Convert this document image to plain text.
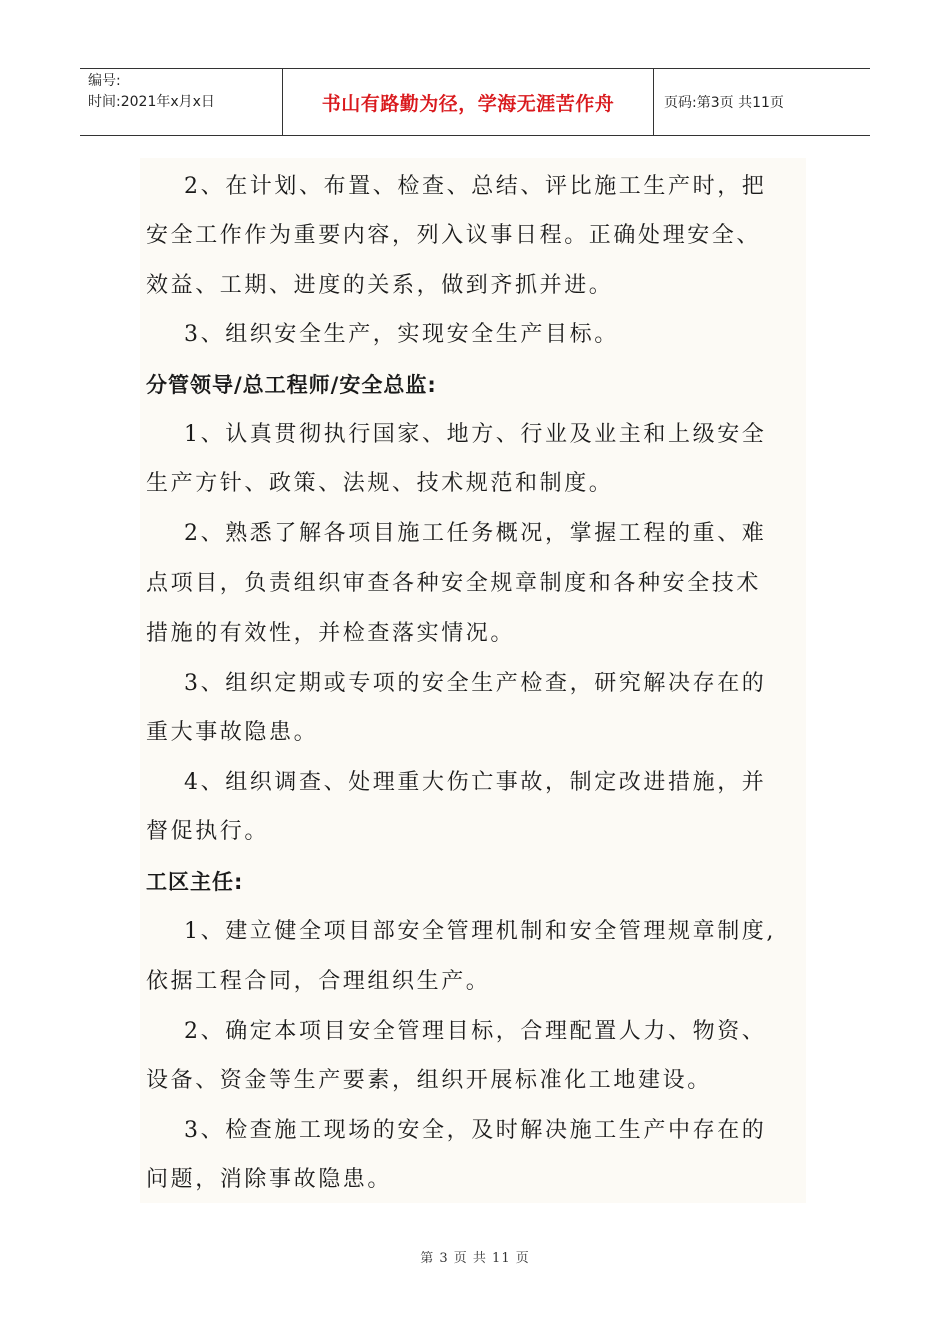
编号:
时间:2021年x月x日	书山有路勤为径，学海无涯苦作舟	页码:第3页 共11页
2、在计划、布置、检查、总结、评比施工生产时，把
安全工作作为重要内容，列入议事日程。正确处理安全、
效益、工期、进度的关系，做到齐抓并进。
3、组织安全生产，实现安全生产目标。
分管领导/总工程师/安全总监:
1、认真贯彻执行国家、地方、行业及业主和上级安全
生产方针、政策、法规、技术规范和制度。
2、熟悉了解各项目施工任务概况，掌握工程的重、难
点项目，负责组织审查各种安全规章制度和各种安全技术
措施的有效性，并检查落实情况。
3、组织定期或专项的安全生产检查，研究解决存在的
重大事故隐患。
4、组织调查、处理重大伤亡事故，制定改进措施，并
督促执行。
工区主任:
1、建立健全项目部安全管理机制和安全管理规章制度,
依据工程合同，合理组织生产。
2、确定本项目安全管理目标，合理配置人力、物资、
设备、资金等生产要素，组织开展标准化工地建设。
3、检查施工现场的安全，及时解决施工生产中存在的
问题，消除事故隐患。
第 3 页 共 11 页
